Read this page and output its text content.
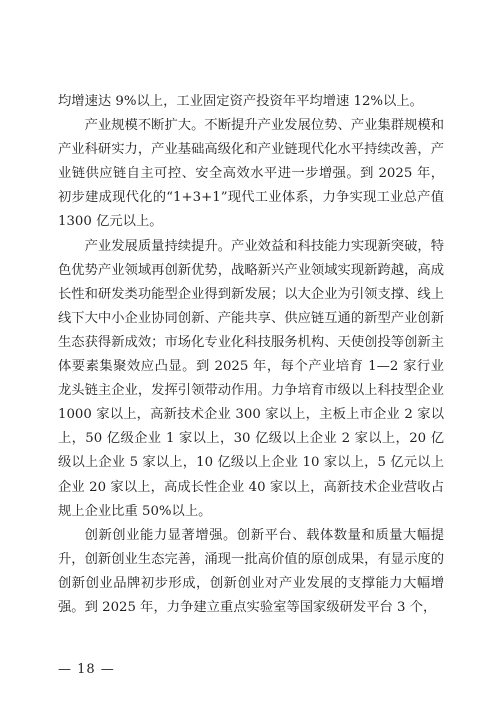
均增速达 9%以上，工业固定资产投资年平均增速 12%以上。

产业规模不断扩大。不断提升产业发展位势、产业集群规模和产业科研实力，产业基础高级化和产业链现代化水平持续改善，产业链供应链自主可控、安全高效水平进一步增强。到 2025 年，初步建成现代化的“1+3+1”现代工业体系，力争实现工业总产值 1300 亿元以上。

产业发展质量持续提升。产业效益和科技能力实现新突破，特色优势产业领域再创新优势，战略新兴产业领域实现新跨越，高成长性和研发类功能型企业得到新发展；以大企业为引领支撑、线上线下大中小企业协同创新、产能共享、供应链互通的新型产业创新生态获得新成效；市场化专业化科技服务机构、天使创投等创新主体要素集聚效应凸显。到 2025 年，每个产业培育 1—2 家行业龙头链主企业，发挥引领带动作用。力争培育市级以上科技型企业 1000 家以上，高新技术企业 300 家以上，主板上市企业 2 家以上，50 亿级企业 1 家以上，30 亿级以上企业 2 家以上，20 亿级以上企业 5 家以上，10 亿级以上企业 10 家以上，5 亿元以上企业 20 家以上，高成长性企业 40 家以上，高新技术企业营收占规上企业比重 50%以上。

创新创业能力显著增强。创新平台、载体数量和质量大幅提升，创新创业生态完善，涌现一批高价值的原创成果，有显示度的创新创业品牌初步形成，创新创业对产业发展的支撑能力大幅增强。到 2025 年，力争建立重点实验室等国家级研发平台 3 个，

— 18 —
